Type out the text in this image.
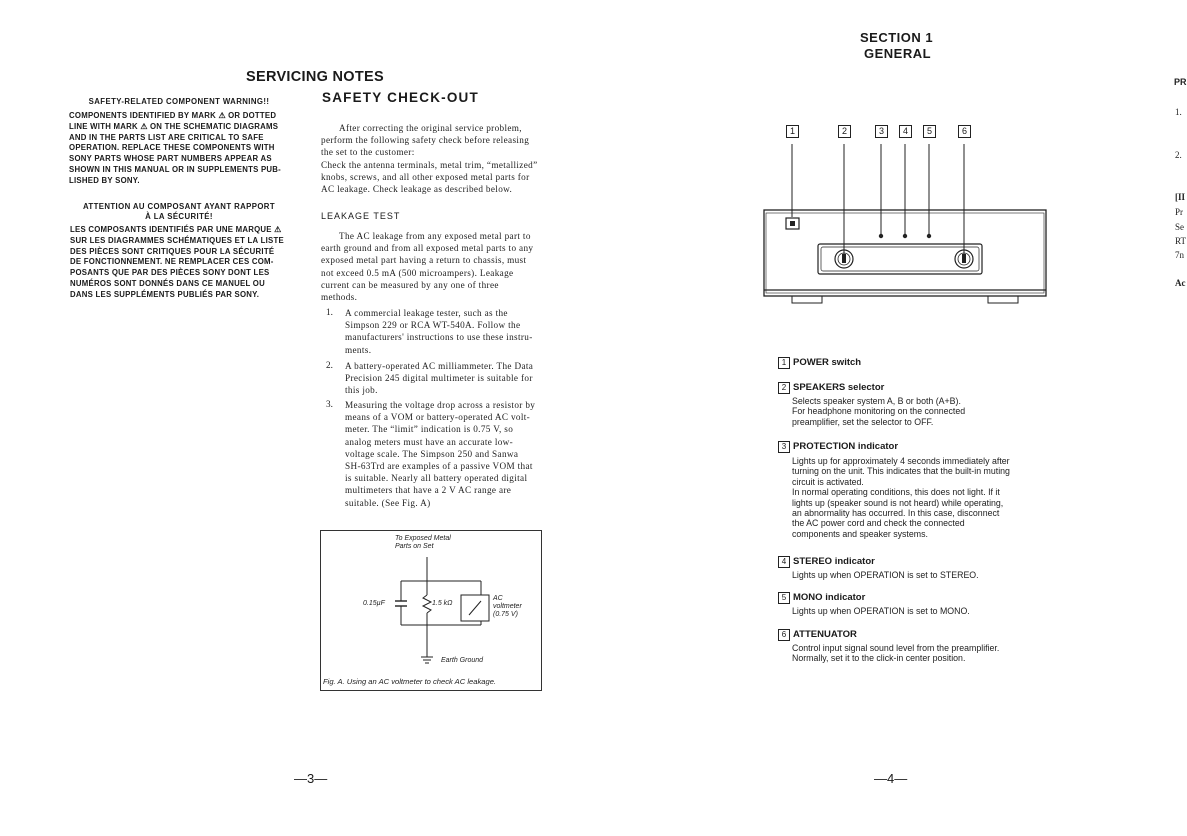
SERVICING NOTES
SAFETY-RELATED COMPONENT WARNING!!
COMPONENTS IDENTIFIED BY MARK ⚠ OR DOTTED
LINE WITH MARK ⚠ ON THE SCHEMATIC DIAGRAMS
AND IN THE PARTS LIST ARE CRITICAL TO SAFE
OPERATION. REPLACE THESE COMPONENTS WITH
SONY PARTS WHOSE PART NUMBERS APPEAR AS
SHOWN IN THIS MANUAL OR IN SUPPLEMENTS PUB-
LISHED BY SONY.
ATTENTION AU COMPOSANT AYANT RAPPORT
À LA SÉCURITÉ!
LES COMPOSANTS IDENTIFIÉS PAR UNE MARQUE ⚠
SUR LES DIAGRAMMES SCHÉMATIQUES ET LA LISTE
DES PIÈCES SONT CRITIQUES POUR LA SÉCURITÉ
DE FONCTIONNEMENT. NE REMPLACER CES COM-
POSANTS QUE PAR DES PIÈCES SONY DONT LES
NUMÉROS SONT DONNÉS DANS CE MANUEL OU
DANS LES SUPPLÉMENTS PUBLIÉS PAR SONY.
SAFETY CHECK-OUT
After correcting the original service problem,
perform the following safety check before releasing
the set to the customer:
Check the antenna terminals, metal trim, “metallized”
knobs, screws, and all other exposed metal parts for
AC leakage. Check leakage as described below.
LEAKAGE TEST
The AC leakage from any exposed metal part to
earth ground and from all exposed metal parts to any
exposed metal part having a return to chassis, must
not exceed 0.5 mA (500 microampers). Leakage
current can be measured by any one of three
methods.
1. A commercial leakage tester, such as the
Simpson 229 or RCA WT-540A. Follow the
manufacturers' instructions to use these instru-
ments.
2. A battery-operated AC milliammeter. The Data
Precision 245 digital multimeter is suitable for
this job.
3. Measuring the voltage drop across a resistor by
means of a VOM or battery-operated AC volt-
meter. The “limit” indication is 0.75 V, so
analog meters must have an accurate low-
voltage scale. The Simpson 250 and Sanwa
SH-63Trd are examples of a passive VOM that
is suitable. Nearly all battery operated digital
multimeters that have a 2 V AC range are
suitable. (See Fig. A)
To Exposed Metal
Parts on Set
0.15µF	1.5 kΩ
AC
voltmeter
(0.75 V)
Earth Ground
Fig. A. Using an AC voltmeter to check AC leakage.
—3—
SECTION 1
GENERAL
1	2	3	4	5	6
1 POWER switch
2 SPEAKERS selector
Selects speaker system A, B or both (A+B).
For headphone monitoring on the connected
preamplifier, set the selector to OFF.
3 PROTECTION indicator
Lights up for approximately 4 seconds immediately after
turning on the unit. This indicates that the built-in muting
circuit is activated.
In normal operating conditions, this does not light. If it
lights up (speaker sound is not heard) while operating,
an abnormality has occurred. In this case, disconnect
the AC power cord and check the connected
components and speaker systems.
4 STEREO indicator
Lights up when OPERATION is set to STEREO.
5 MONO indicator
Lights up when OPERATION is set to MONO.
6 ATTENUATOR
Control input signal sound level from the preamplifier.
Normally, set it to the click-in center position.
—4—
PR
1.
2.
[II
Pr
Se
RT
7n
Ac
